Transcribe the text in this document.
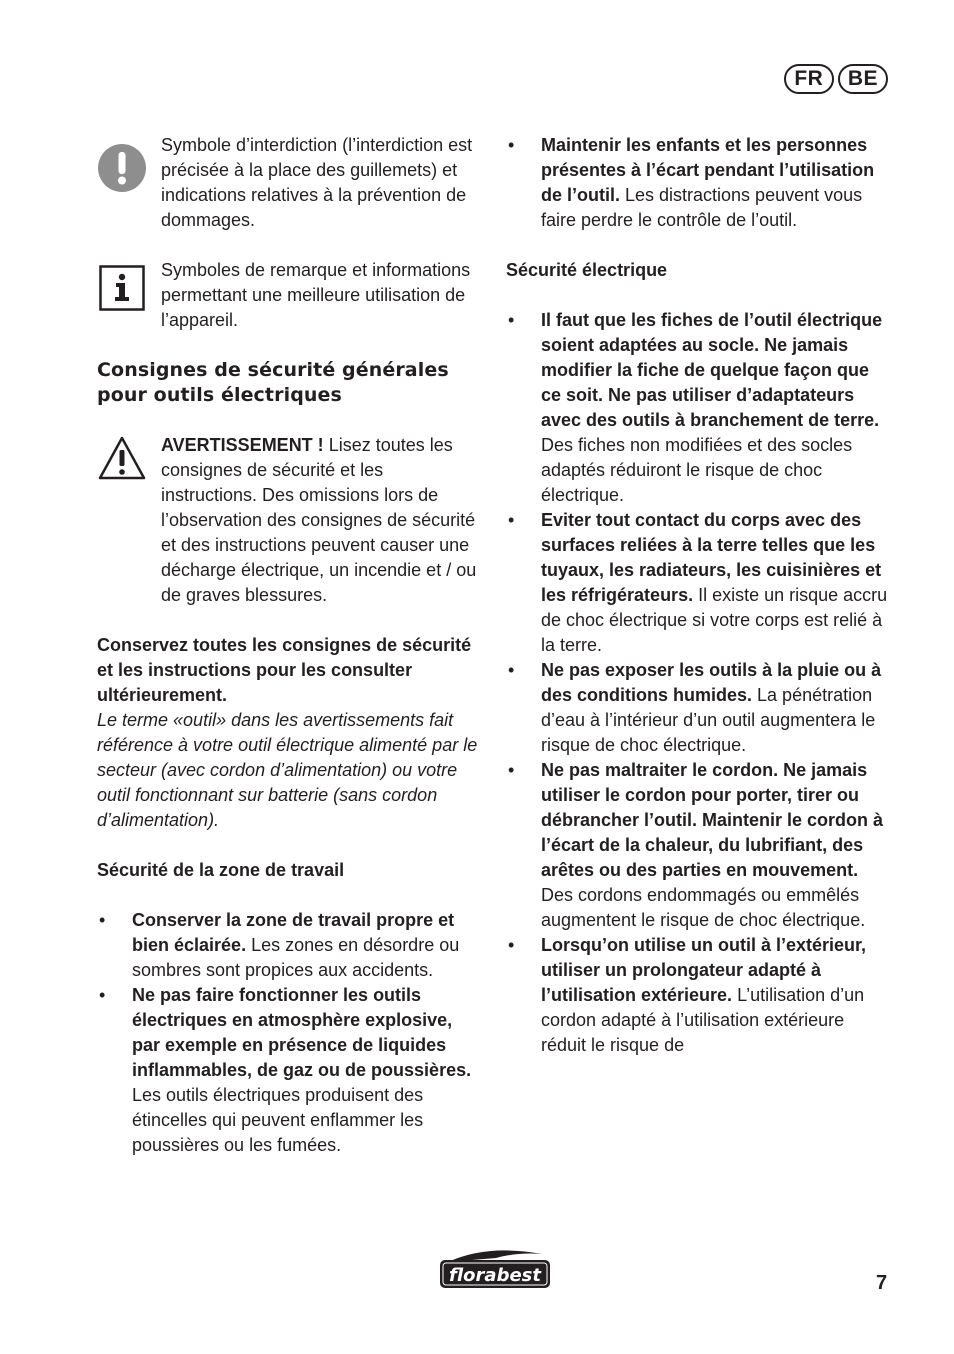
FR	BE

Symbole d’interdiction (l’interdiction est précisée à la place des guillemets) et indications relatives à la prévention de dommages.

Symboles de remarque et informations permettant une meilleure utilisation de l’appareil.

Consignes de sécurité générales pour outils électriques

AVERTISSEMENT ! Lisez toutes les consignes de sécurité et les instructions. Des omissions lors de l’observation des consignes de sécurité et des instructions peuvent causer une décharge électrique, un incendie et / ou de graves blessures.

Conservez toutes les consignes de sécurité et les instructions pour les consulter ultérieurement.

Le terme «outil» dans les avertissements fait référence à votre outil électrique alimenté par le secteur (avec cordon d’alimentation) ou votre outil fonctionnant sur batterie (sans cordon d’alimentation).

Sécurité de la zone de travail

• Conserver la zone de travail propre et bien éclairée. Les zones en désordre ou sombres sont propices aux accidents.
• Ne pas faire fonctionner les outils électriques en atmosphère explosive, par exemple en présence de liquides inflammables, de gaz ou de poussières. Les outils électriques produisent des étincelles qui peuvent enflammer les poussières ou les fumées.
• Maintenir les enfants et les personnes présentes à l’écart pendant l’utilisation de l’outil. Les distractions peuvent vous faire perdre le contrôle de l’outil.

Sécurité électrique

• Il faut que les fiches de l’outil électrique soient adaptées au socle. Ne jamais modifier la fiche de quelque façon que ce soit. Ne pas utiliser d’adaptateurs avec des outils à branchement de terre. Des fiches non modifiées et des socles adaptés réduiront le risque de choc électrique.
• Eviter tout contact du corps avec des surfaces reliées à la terre telles que les tuyaux, les radiateurs, les cuisinières et les réfrigérateurs. Il existe un risque accru de choc électrique si votre corps est relié à la terre.
• Ne pas exposer les outils à la pluie ou à des conditions humides. La pénétration d’eau à l’intérieur d’un outil augmentera le risque de choc électrique.
• Ne pas maltraiter le cordon. Ne jamais utiliser le cordon pour porter, tirer ou débrancher l’outil. Maintenir le cordon à l’écart de la chaleur, du lubrifiant, des arêtes ou des parties en mouvement. Des cordons endommagés ou emmêlés augmentent le risque de choc électrique.
• Lorsqu’on utilise un outil à l’extérieur, utiliser un prolongateur adapté à l’utilisation extérieure. L’utilisation d’un cordon adapté à l’utilisation extérieure réduit le risque de
florabest	7
